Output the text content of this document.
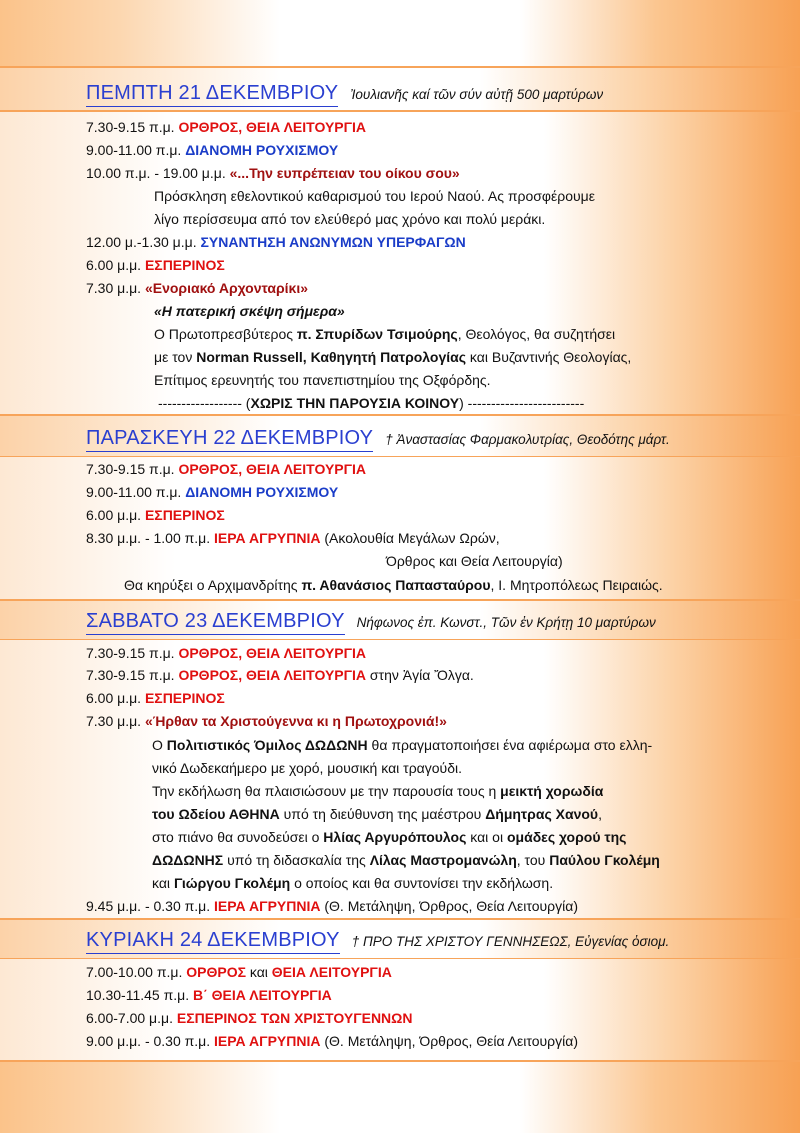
ΠΕΜΠΤΗ 21 ΔΕΚΕΜΒΡΙΟΥ Ἰουλιανῆς καί τῶν σύν αὐτῇ 500 μαρτύρων
7.30-9.15 π.μ. ΟΡΘΡΟΣ, ΘΕΙΑ ΛΕΙΤΟΥΡΓΙΑ
9.00-11.00 π.μ. ΔΙΑΝΟΜΗ ΡΟΥΧΙΣΜΟΥ
10.00 π.μ. - 19.00 μ.μ. «...Την ευπρέπειαν του οίκου σου»
Πρόσκληση εθελοντικού καθαρισμού του Ιερού Ναού. Ας προσφέρουμε
λίγο περίσσευμα από τον ελεύθερό μας χρόνο και πολύ μεράκι.
12.00 μ.-1.30 μ.μ. ΣΥΝΑΝΤΗΣΗ ΑΝΩΝΥΜΩΝ ΥΠΕΡΦΑΓΩΝ
6.00 μ.μ. ΕΣΠΕΡΙΝΟΣ
7.30 μ.μ. «Ενοριακό Αρχονταρίκι»
«Η πατερική σκέψη σήμερα»
Ο Πρωτοπρεσβύτερος π. Σπυρίδων Τσιμούρης, Θεολόγος, θα συζητήσει
με τον Norman Russell, Καθηγητή Πατρολογίας και Βυζαντινής Θεολογίας,
Επίτιμος ερευνητής του πανεπιστημίου της Οξφόρδης.
------------------ (ΧΩΡΙΣ ΤΗΝ ΠΑΡΟΥΣΙΑ ΚΟΙΝΟΥ) -------------------------
ΠΑΡΑΣΚΕΥΗ 22 ΔΕΚΕΜΒΡΙΟΥ † Ἀναστασίας Φαρμακολυτρίας, Θεοδότης μάρτ.
7.30-9.15 π.μ. ΟΡΘΡΟΣ, ΘΕΙΑ ΛΕΙΤΟΥΡΓΙΑ
9.00-11.00 π.μ. ΔΙΑΝΟΜΗ ΡΟΥΧΙΣΜΟΥ
6.00 μ.μ. ΕΣΠΕΡΙΝΟΣ
8.30 μ.μ. - 1.00 π.μ. ΙΕΡΑ ΑΓΡΥΠΝΙΑ (Ακολουθία Μεγάλων Ωρών,
Όρθρος και Θεία Λειτουργία)
Θα κηρύξει ο Αρχιμανδρίτης π. Αθανάσιος Παπασταύρου, Ι. Μητροπόλεως Πειραιώς.
ΣΑΒΒΑΤΟ 23 ΔΕΚΕΜΒΡΙΟΥ Νήφωνος ἐπ. Κωνστ., Τῶν ἐν Κρήτῃ 10 μαρτύρων
7.30-9.15 π.μ. ΟΡΘΡΟΣ, ΘΕΙΑ ΛΕΙΤΟΥΡΓΙΑ
7.30-9.15 π.μ. ΟΡΘΡΟΣ, ΘΕΙΑ ΛΕΙΤΟΥΡΓΙΑ στην Ἁγία Ὄλγα.
6.00 μ.μ. ΕΣΠΕΡΙΝΟΣ
7.30 μ.μ. «Ήρθαν τα Χριστούγεννα κι η Πρωτοχρονιά!»
Ο Πολιτιστικός Όμιλος ΔΩΔΩΝΗ θα πραγματοποιήσει ένα αφιέρωμα στο ελλη-
νικό Δωδεκαήμερο με χορό, μουσική και τραγούδι.
Την εκδήλωση θα πλαισιώσουν με την παρουσία τους η μεικτή χορωδία
του Ωδείου ΑΘΗΝΑ υπό τη διεύθυνση της μαέστρου Δήμητρας Χανού,
στο πιάνο θα συνοδεύσει ο Ηλίας Αργυρόπουλος και οι ομάδες χορού της
ΔΩΔΩΝΗΣ υπό τη διδασκαλία της Λίλας Μαστρομανώλη, του Παύλου Γκολέμη
και Γιώργου Γκολέμη ο οποίος και θα συντονίσει την εκδήλωση.
9.45 μ.μ. - 0.30 π.μ. ΙΕΡΑ ΑΓΡΥΠΝΙΑ (Θ. Μετάληψη, Όρθρος, Θεία Λειτουργία)
ΚΥΡΙΑΚΗ 24 ΔΕΚΕΜΒΡΙΟΥ † ΠΡΟ ΤΗΣ ΧΡΙΣΤΟΥ ΓΕΝΝΗΣΕΩΣ, Εὐγενίας ὁσιομ.
7.00-10.00 π.μ. ΟΡΘΡΟΣ και ΘΕΙΑ ΛΕΙΤΟΥΡΓΙΑ
10.30-11.45 π.μ. Β΄ ΘΕΙΑ ΛΕΙΤΟΥΡΓΙΑ
6.00-7.00 μ.μ. ΕΣΠΕΡΙΝΟΣ ΤΩΝ ΧΡΙΣΤΟΥΓΕΝΝΩΝ
9.00 μ.μ. - 0.30 π.μ. ΙΕΡΑ ΑΓΡΥΠΝΙΑ (Θ. Μετάληψη, Όρθρος, Θεία Λειτουργία)
